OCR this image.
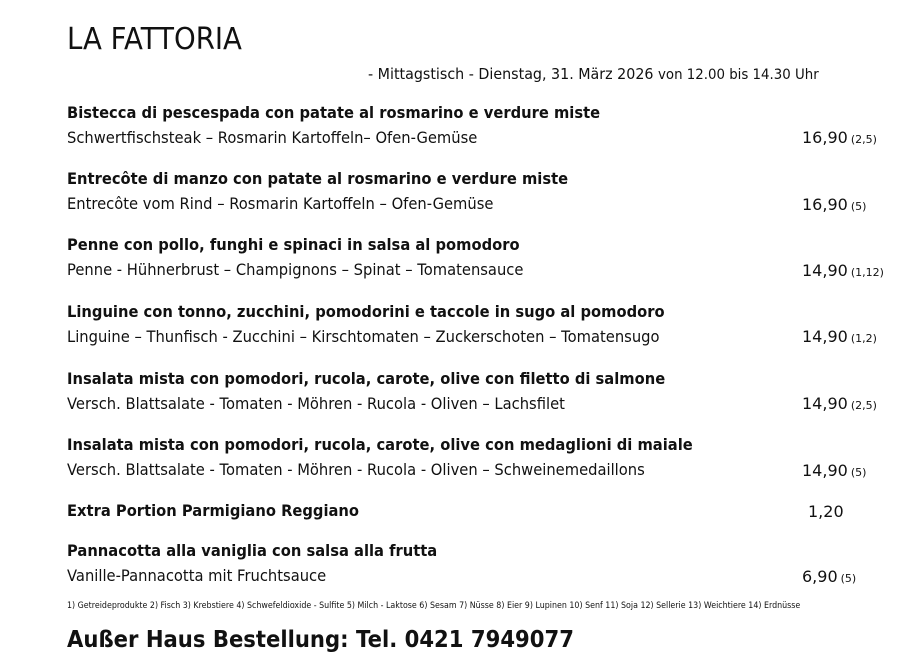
LA FATTORIA
- Mittagstisch - Dienstag, 31. März 2026 von 12.00 bis 14.30 Uhr
Bistecca di pescespada con patate al rosmarino e verdure miste
Schwertfischsteak – Rosmarin Kartoffeln– Ofen-Gemüse	16,90 (2,5)
Entrecôte di manzo con patate al rosmarino e verdure miste
Entrecôte vom Rind – Rosmarin Kartoffeln – Ofen-Gemüse	16,90 (5)
Penne con pollo, funghi e spinaci in salsa al pomodoro
Penne - Hühnerbrust – Champignons – Spinat – Tomatensauce	14,90 (1,12)
Linguine con tonno, zucchini, pomodorini e taccole in sugo al pomodoro
Linguine – Thunfisch - Zucchini – Kirschtomaten – Zuckerschoten – Tomatensugo	14,90 (1,2)
Insalata mista con pomodori, rucola, carote, olive con filetto di salmone
Versch. Blattsalate - Tomaten - Möhren - Rucola - Oliven – Lachsfilet	14,90 (2,5)
Insalata mista con pomodori, rucola, carote, olive con medaglioni di maiale
Versch. Blattsalate - Tomaten - Möhren - Rucola - Oliven – Schweinemedaillons	14,90 (5)
Extra Portion Parmigiano Reggiano	1,20
Pannacotta alla vaniglia con salsa alla frutta
Vanille-Pannacotta mit Fruchtsauce	6,90 (5)
1) Getreideprodukte 2) Fisch 3) Krebstiere 4) Schwefeldioxide - Sulfite 5) Milch - Laktose 6) Sesam 7) Nüsse 8) Eier 9) Lupinen 10) Senf 11) Soja 12) Sellerie 13) Weichtiere 14) Erdnüsse
Außer Haus Bestellung: Tel. 0421 7949077
